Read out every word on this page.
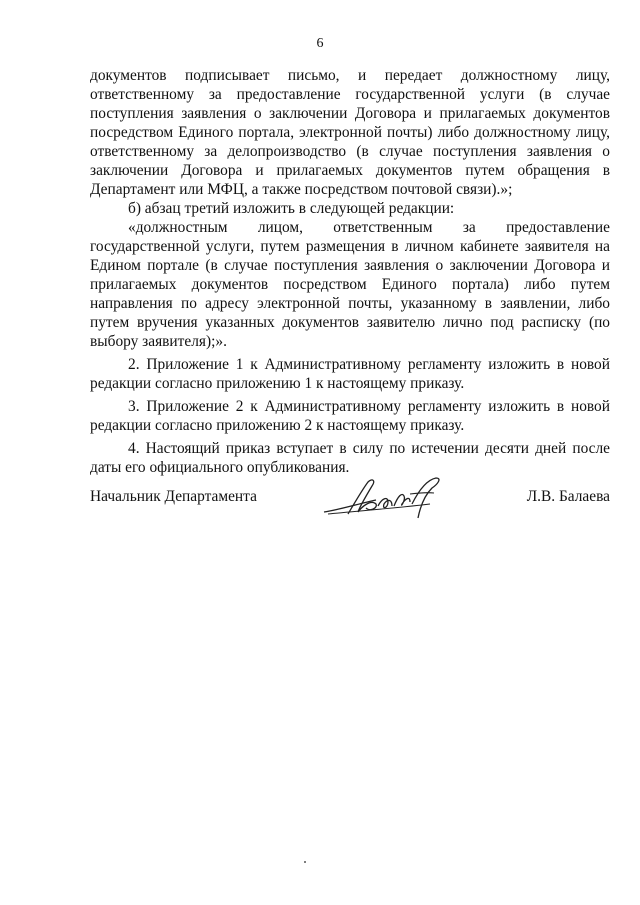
6

документов подписывает письмо, и передает должностному лицу, ответственному за предоставление государственной услуги (в случае поступления заявления о заключении Договора и прилагаемых документов посредством Единого портала, электронной почты) либо должностному лицу, ответственному за делопроизводство (в случае поступления заявления о заключении Договора и прилагаемых документов путем обращения в Департамент или МФЦ, а также посредством почтовой связи).»;

б) абзац третий изложить в следующей редакции:

«должностным лицом, ответственным за предоставление государственной услуги, путем размещения в личном кабинете заявителя на Едином портале (в случае поступления заявления о заключении Договора и прилагаемых документов посредством Единого портала) либо путем направления по адресу электронной почты, указанному в заявлении, либо путем вручения указанных документов заявителю лично под расписку (по выбору заявителя);».

2. Приложение 1 к Административному регламенту изложить в новой редакции согласно приложению 1 к настоящему приказу.

3. Приложение 2 к Административному регламенту изложить в новой редакции согласно приложению 2 к настоящему приказу.

4. Настоящий приказ вступает в силу по истечении десяти дней после даты его официального опубликования.

Начальник Департамента	Л.В. Балаева
